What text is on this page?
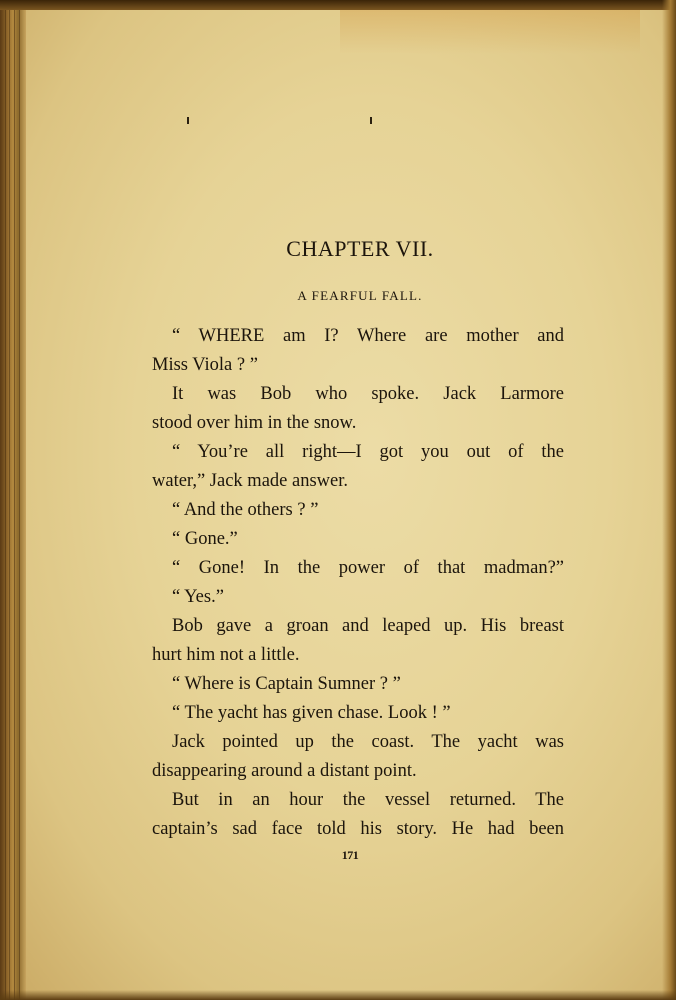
CHAPTER VII.
A FEARFUL FALL.
“ WHERE am I? Where are mother and
Miss Viola ? ”
It was Bob who spoke. Jack Larmore
stood over him in the snow.
“ You’re all right—I got you out of the
water,” Jack made answer.
“ And the others ? ”
“ Gone.”
“ Gone! In the power of that madman?”
“ Yes.”
Bob gave a groan and leaped up. His breast
hurt him not a little.
“ Where is Captain Sumner ? ”
“ The yacht has given chase. Look ! ”
Jack pointed up the coast. The yacht was
disappearing around a distant point.
But in an hour the vessel returned. The
captain’s sad face told his story. He had been
171
